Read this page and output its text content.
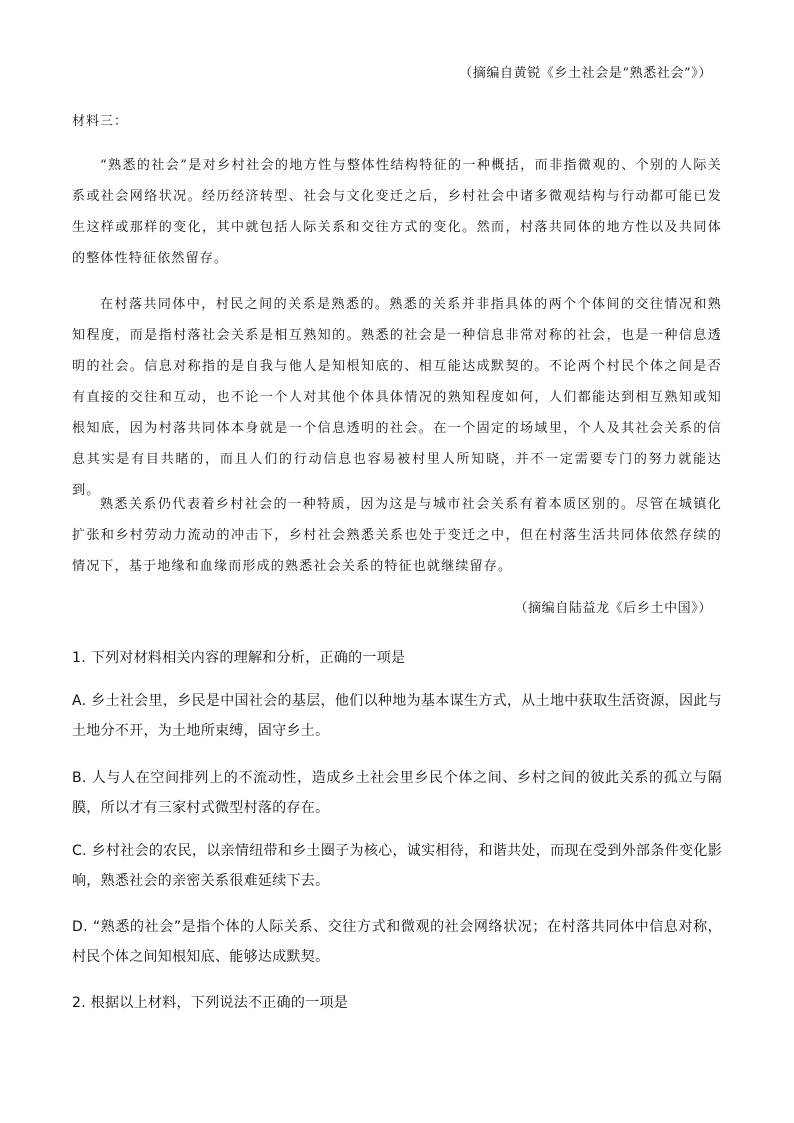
（摘编自黄锐《乡土社会是“熟悉社会”》）
材料三：

“熟悉的社会”是对乡村社会的地方性与整体性结构特征的一种概括，而非指微观的、个别的人际关系或社会网络状况。经历经济转型、社会与文化变迁之后，乡村社会中诸多微观结构与行动都可能已发生这样或那样的变化，其中就包括人际关系和交往方式的变化。然而，村落共同体的地方性以及共同体的整体性特征依然留存。

在村落共同体中，村民之间的关系是熟悉的。熟悉的关系并非指具体的两个个体间的交往情况和熟知程度，而是指村落社会关系是相互熟知的。熟悉的社会是一种信息非常对称的社会，也是一种信息透明的社会。信息对称指的是自我与他人是知根知底的、相互能达成默契的。不论两个村民个体之间是否有直接的交往和互动，也不论一个人对其他个体具体情况的熟知程度如何，人们都能达到相互熟知或知根知底，因为村落共同体本身就是一个信息透明的社会。在一个固定的场域里，个人及其社会关系的信息其实是有目共睹的，而且人们的行动信息也容易被村里人所知晓，并不一定需要专门的努力就能达到。

熟悉关系仍代表着乡村社会的一种特质，因为这是与城市社会关系有着本质区别的。尽管在城镇化扩张和乡村劳动力流动的冲击下，乡村社会熟悉关系也处于变迁之中，但在村落生活共同体依然存续的情况下，基于地缘和血缘而形成的熟悉社会关系的特征也就继续留存。

（摘编自陆益龙《后乡土中国》）

1. 下列对材料相关内容的理解和分析，正确的一项是

A. 乡土社会里，乡民是中国社会的基层，他们以种地为基本谋生方式，从土地中获取生活资源，因此与土地分不开，为土地所束缚，固守乡土。

B. 人与人在空间排列上的不流动性，造成乡土社会里乡民个体之间、乡村之间的彼此关系的孤立与隔膜，所以才有三家村式微型村落的存在。

C. 乡村社会的农民，以亲情纽带和乡土圈子为核心，诚实相待，和谐共处，而现在受到外部条件变化影响，熟悉社会的亲密关系很难延续下去。

D. “熟悉的社会”是指个体的人际关系、交往方式和微观的社会网络状况；在村落共同体中信息对称，村民个体之间知根知底、能够达成默契。

2. 根据以上材料，下列说法不正确的一项是
